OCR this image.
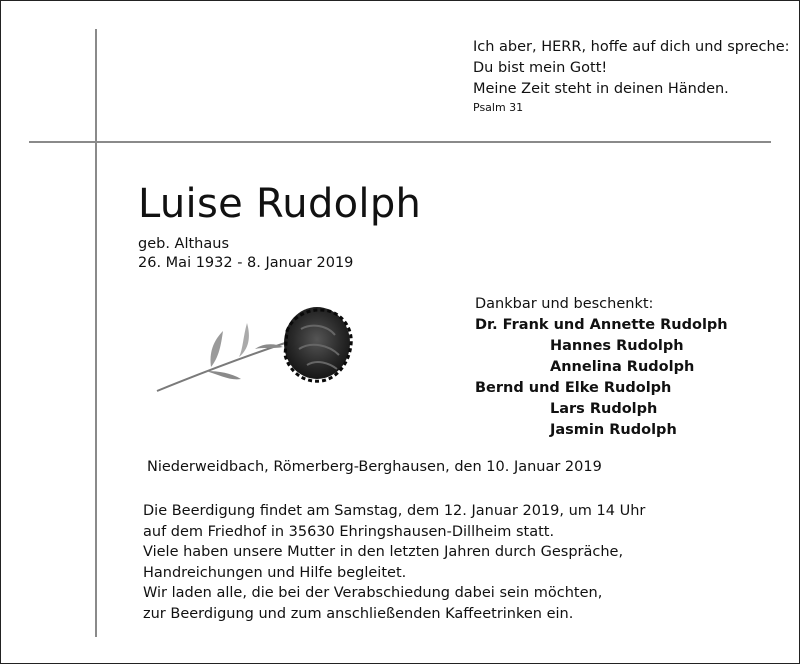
Ich aber, HERR, hoffe auf dich und spreche:
Du bist mein Gott!
Meine Zeit steht in deinen Händen.
Psalm 31
Luise Rudolph
geb. Althaus
26. Mai 1932 - 8. Januar 2019
Dankbar und beschenkt:
Dr. Frank und Annette Rudolph
Hannes Rudolph
Annelina Rudolph
Bernd und Elke Rudolph
Lars Rudolph
Jasmin Rudolph
Niederweidbach, Römerberg-Berghausen, den 10. Januar 2019
Die Beerdigung findet am Samstag, dem 12. Januar 2019, um 14 Uhr
auf dem Friedhof in 35630 Ehringshausen-Dillheim statt.
Viele haben unsere Mutter in den letzten Jahren durch Gespräche,
Handreichungen und Hilfe begleitet.
Wir laden alle, die bei der Verabschiedung dabei sein möchten,
zur Beerdigung und zum anschließenden Kaffeetrinken ein.
